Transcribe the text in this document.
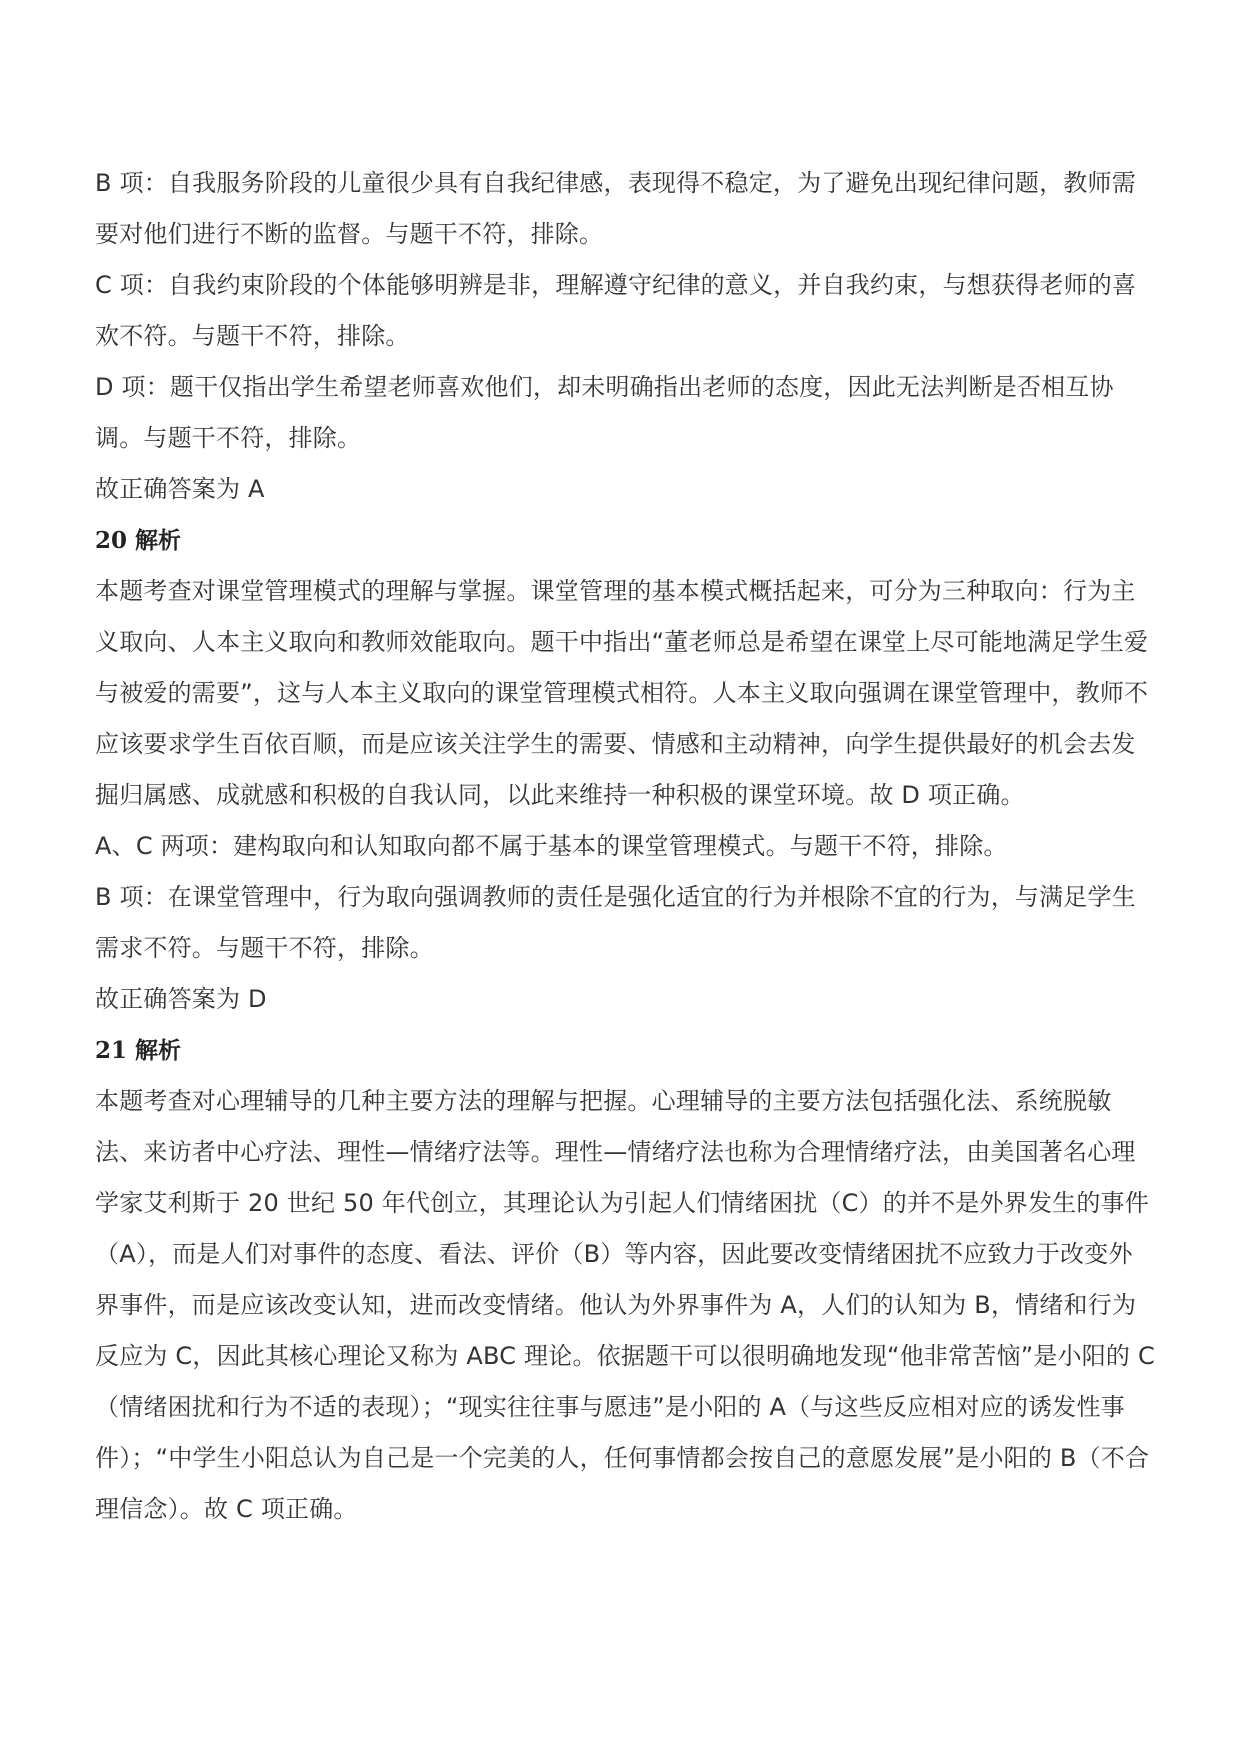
B 项：自我服务阶段的儿童很少具有自我纪律感，表现得不稳定，为了避免出现纪律问题，教师需要对他们进行不断的监督。与题干不符，排除。

C 项：自我约束阶段的个体能够明辨是非，理解遵守纪律的意义，并自我约束，与想获得老师的喜欢不符。与题干不符，排除。

D 项：题干仅指出学生希望老师喜欢他们，却未明确指出老师的态度，因此无法判断是否相互协调。与题干不符，排除。

故正确答案为 A

20 解析

本题考查对课堂管理模式的理解与掌握。课堂管理的基本模式概括起来，可分为三种取向：行为主义取向、人本主义取向和教师效能取向。题干中指出“董老师总是希望在课堂上尽可能地满足学生爱与被爱的需要”，这与人本主义取向的课堂管理模式相符。人本主义取向强调在课堂管理中，教师不应该要求学生百依百顺，而是应该关注学生的需要、情感和主动精神，向学生提供最好的机会去发掘归属感、成就感和积极的自我认同，以此来维持一种积极的课堂环境。故 D 项正确。

A、C 两项：建构取向和认知取向都不属于基本的课堂管理模式。与题干不符，排除。

B 项：在课堂管理中，行为取向强调教师的责任是强化适宜的行为并根除不宜的行为，与满足学生需求不符。与题干不符，排除。

故正确答案为 D

21 解析

本题考查对心理辅导的几种主要方法的理解与把握。心理辅导的主要方法包括强化法、系统脱敏法、来访者中心疗法、理性—情绪疗法等。理性—情绪疗法也称为合理情绪疗法，由美国著名心理学家艾利斯于 20 世纪 50 年代创立，其理论认为引起人们情绪困扰（C）的并不是外界发生的事件（A），而是人们对事件的态度、看法、评价（B）等内容，因此要改变情绪困扰不应致力于改变外界事件，而是应该改变认知，进而改变情绪。他认为外界事件为 A，人们的认知为 B，情绪和行为反应为 C，因此其核心理论又称为 ABC 理论。依据题干可以很明确地发现“他非常苦恼”是小阳的 C（情绪困扰和行为不适的表现）；“现实往往事与愿违”是小阳的 A（与这些反应相对应的诱发性事件）；“中学生小阳总认为自己是一个完美的人，任何事情都会按自己的意愿发展”是小阳的 B（不合理信念）。故 C 项正确。
